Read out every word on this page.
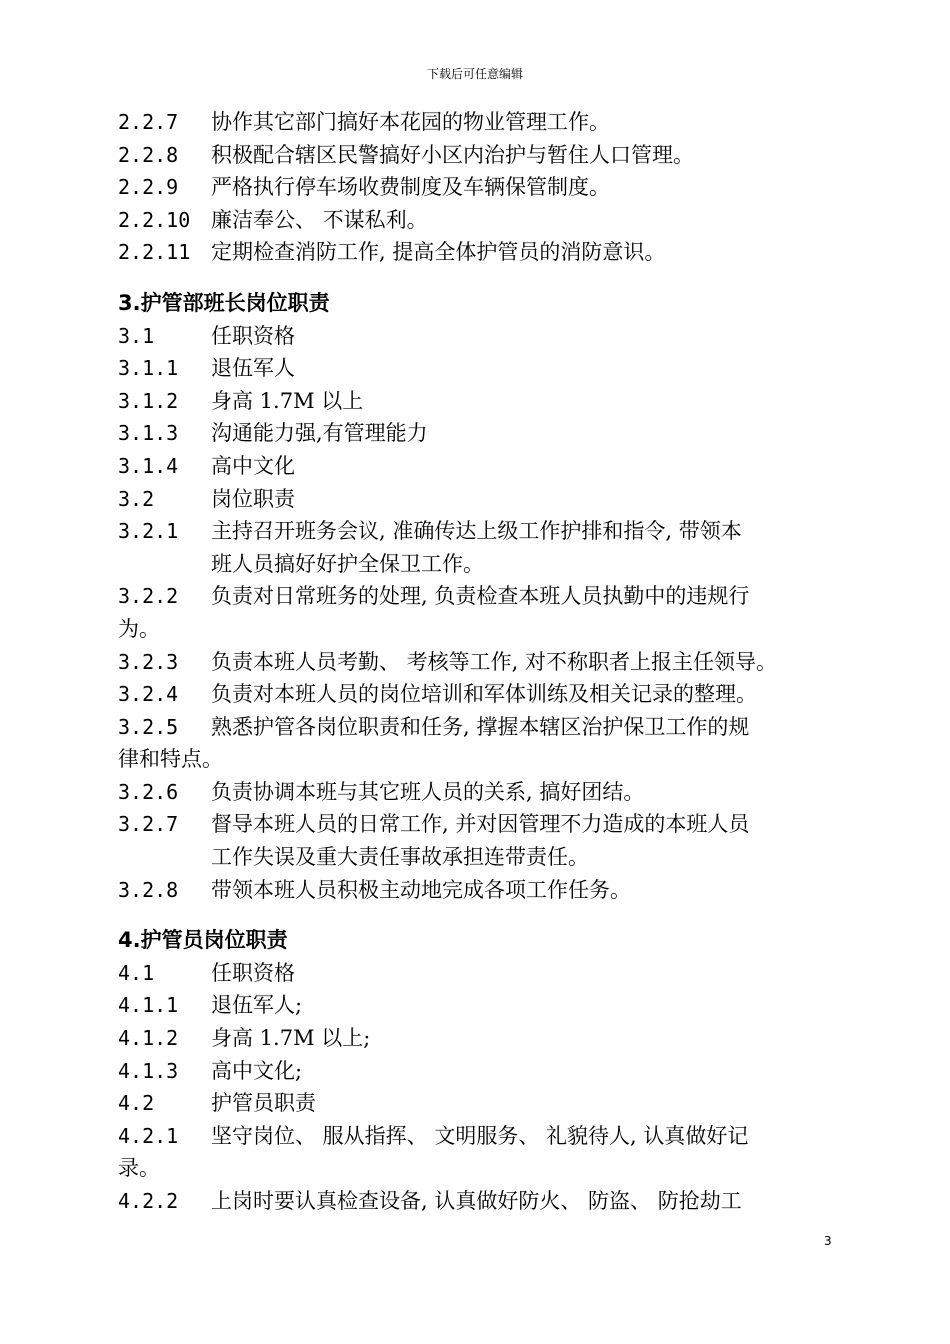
下载后可任意编辑
2.2.7	协作其它部门搞好本花园的物业管理工作。
2.2.8	积极配合辖区民警搞好小区内治护与暂住人口管理。
2.2.9	严格执行停车场收费制度及车辆保管制度。
2.2.10 廉洁奉公、 不谋私利。
2.2.11 定期检查消防工作, 提高全体护管员的消防意识。
3.护管部班长岗位职责
3.1	任职资格
3.1.1	退伍军人
3.1.2	身高 1.7M 以上
3.1.3	沟通能力强,有管理能力
3.1.4	高中文化
3.2	岗位职责
3.2.1	主持召开班务会议, 准确传达上级工作护排和指令, 带领本
班人员搞好好护全保卫工作。
3.2.2	负责对日常班务的处理, 负责检查本班人员执勤中的违规行
为。
3.2.3	负责本班人员考勤、 考核等工作, 对不称职者上报主任领导。
3.2.4	负责对本班人员的岗位培训和军体训练及相关记录的整理。
3.2.5	熟悉护管各岗位职责和任务, 撑握本辖区治护保卫工作的规
律和特点。
3.2.6	负责协调本班与其它班人员的关系, 搞好团结。
3.2.7	督导本班人员的日常工作, 并对因管理不力造成的本班人员
工作失误及重大责任事故承担连带责任。
3.2.8	带领本班人员积极主动地完成各项工作任务。
4.护管员岗位职责
4.1	任职资格
4.1.1	退伍军人;
4.1.2	身高 1.7M 以上;
4.1.3	高中文化;
4.2	护管员职责
4.2.1	坚守岗位、 服从指挥、 文明服务、 礼貌待人, 认真做好记
录。
4.2.2	上岗时要认真检查设备, 认真做好防火、 防盗、 防抢劫工
3
